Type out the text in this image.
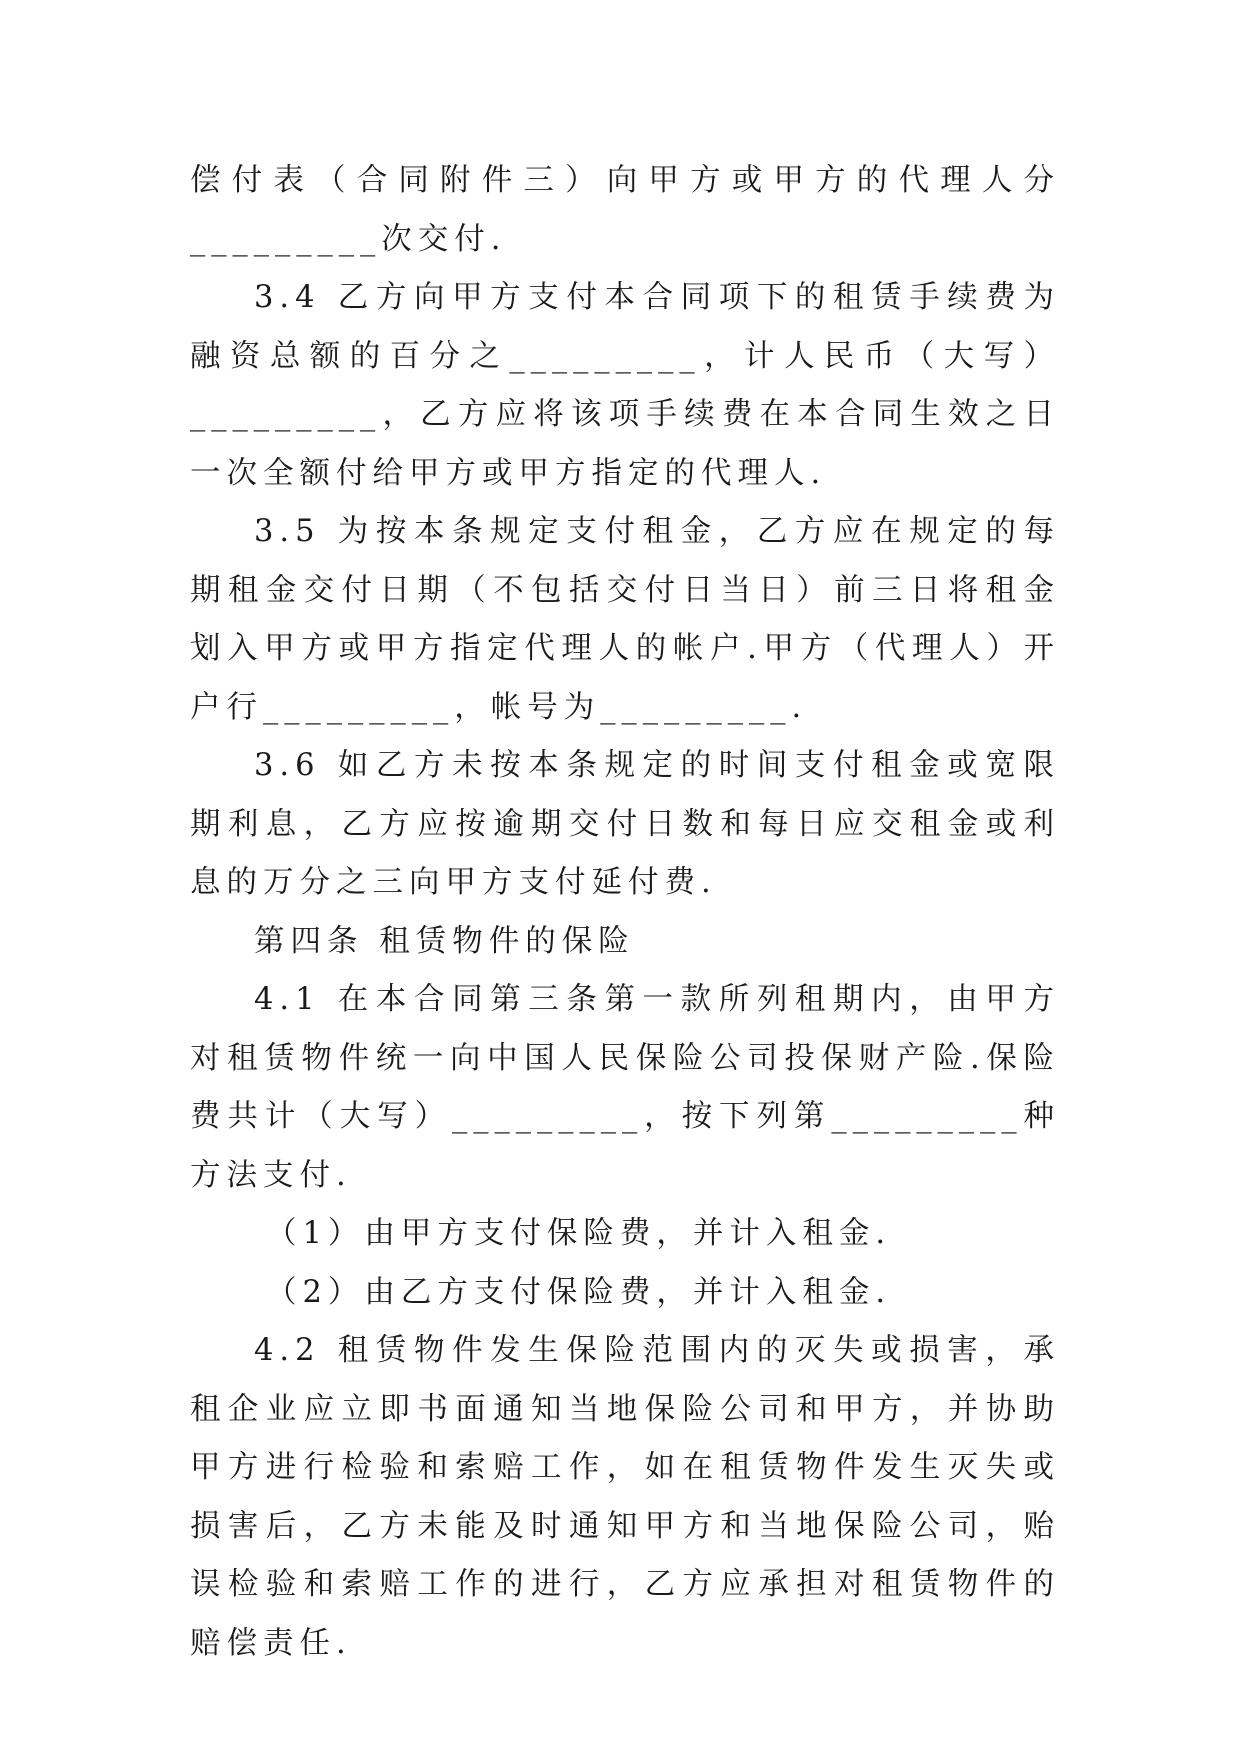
偿付表（合同附件三）向甲方或甲方的代理人分_________次交付.

3.4 乙方向甲方支付本合同项下的租赁手续费为融资总额的百分之_________，计人民币（大写）_________，乙方应将该项手续费在本合同生效之日一次全额付给甲方或甲方指定的代理人.

3.5 为按本条规定支付租金，乙方应在规定的每期租金交付日期（不包括交付日当日）前三日将租金划入甲方或甲方指定代理人的帐户.甲方（代理人）开户行_________，帐号为_________.

3.6 如乙方未按本条规定的时间支付租金或宽限期利息，乙方应按逾期交付日数和每日应交租金或利息的万分之三向甲方支付延付费.

第四条 租赁物件的保险

4.1 在本合同第三条第一款所列租期内，由甲方对租赁物件统一向中国人民保险公司投保财产险.保险费共计（大写）_________，按下列第_________种方法支付.

（1）由甲方支付保险费，并计入租金.

（2）由乙方支付保险费，并计入租金.

4.2 租赁物件发生保险范围内的灭失或损害，承租企业应立即书面通知当地保险公司和甲方，并协助甲方进行检验和索赔工作，如在租赁物件发生灭失或损害后，乙方未能及时通知甲方和当地保险公司，贻误检验和索赔工作的进行，乙方应承担对租赁物件的赔偿责任.
